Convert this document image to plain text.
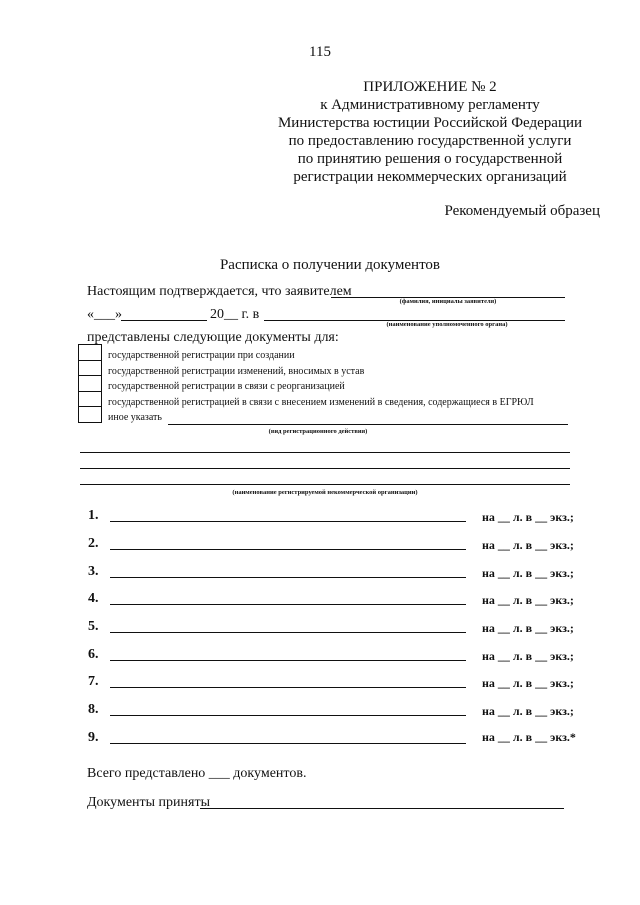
115
ПРИЛОЖЕНИЕ № 2
к Административному регламенту
Министерства юстиции Российской Федерации
по предоставлению государственной услуги
по принятию решения о государственной
регистрации некоммерческих организаций
Рекомендуемый образец
Расписка о получении документов
Настоящим подтверждается, что заявителем
(фамилия, инициалы заявителя)
«___»	20__ г. в
(наименование уполномоченного органа)
представлены следующие документы для:
государственной регистрации при создании
государственной регистрации изменений, вносимых в устав
государственной регистрации в связи с реорганизацией
государственной регистрацией в связи с внесением изменений в сведения, содержащиеся в ЕГРЮЛ
иное указать
(вид регистрационного действия)
(наименование регистрируемой некоммерческой организации)
1.	на __ л. в __ экз.;
2.	на __ л. в __ экз.;
3.	на __ л. в __ экз.;
4.	на __ л. в __ экз.;
5.	на __ л. в __ экз.;
6.	на __ л. в __ экз.;
7.	на __ л. в __ экз.;
8.	на __ л. в __ экз.;
9.	на __ л. в __ экз.*
Всего представлено ___ документов.
Документы приняты
